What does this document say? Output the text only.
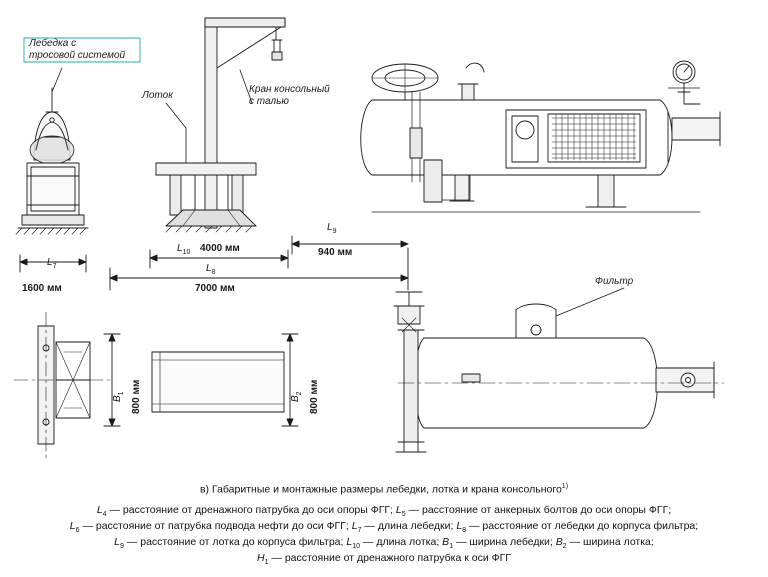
Лебедка с
тросовой системой
Лоток
Кран консольный
с талью
Фильтр
$L_9$
940 мм
$L_{10}$ 4000 мм
$L_8$
7000 мм
$L_7$
1600 мм
$B_1$ 800 мм	$B_2$ 800 мм
в) Габаритные и монтажные размеры лебедки, лотка и крана консольного$^{1)}$
$L_4$ — расстояние от дренажного патрубка до оси опоры ФГГ; $L_5$ — расстояние от анкерных болтов до оси опоры ФГГ;
$L_6$ — расстояние от патрубка подвода нефти до оси ФГГ; $L_7$ — длина лебедки; $L_8$ — расстояние от лебедки до корпуса фильтра;
$L_9$ — расстояние от лотка до корпуса фильтра; $L_{10}$ — длина лотка; $B_1$ — ширина лебедки; $B_2$ — ширина лотка;
$H_1$ — расстояние от дренажного патрубка к оси ФГГ
